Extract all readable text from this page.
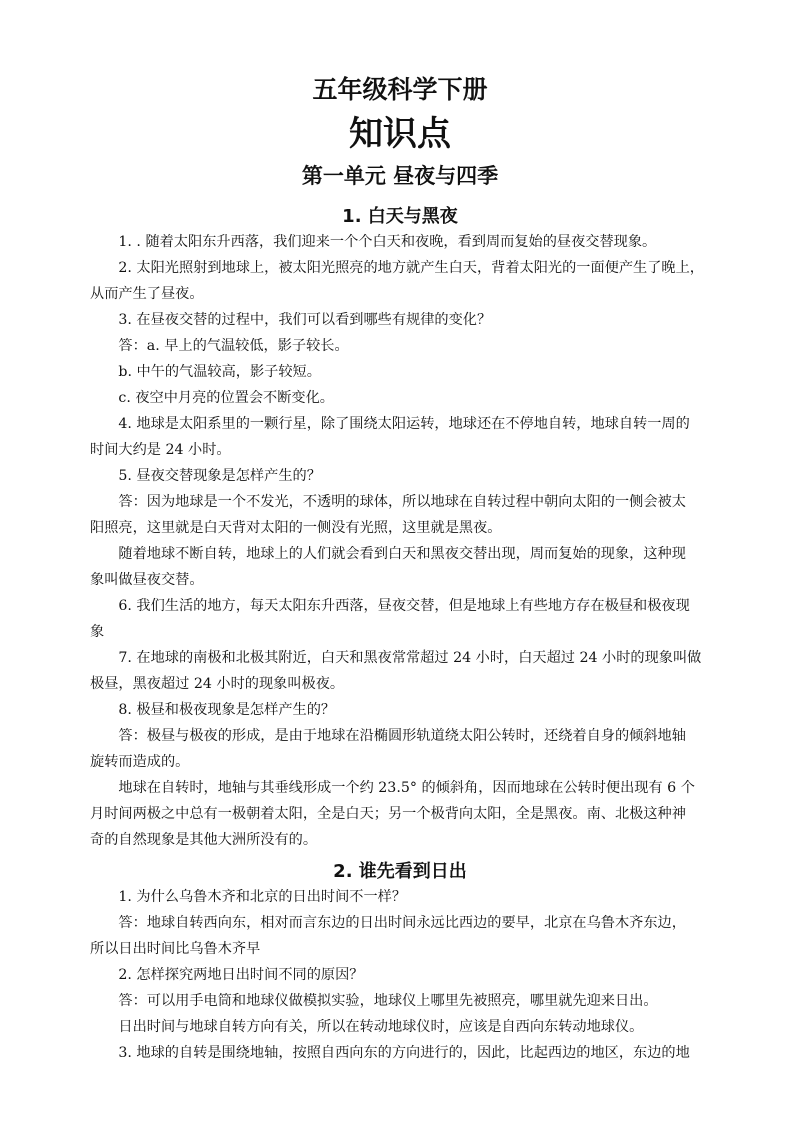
五年级科学下册
知识点
第一单元 昼夜与四季
1. 白天与黑夜

1. . 随着太阳东升西落，我们迎来一个个白天和夜晚，看到周而复始的昼夜交替现象。

2. 太阳光照射到地球上，被太阳光照亮的地方就产生白天，背着太阳光的一面便产生了晚上，

从而产生了昼夜。

3. 在昼夜交替的过程中，我们可以看到哪些有规律的变化？

答：a. 早上的气温较低，影子较长。

b. 中午的气温较高，影子较短。

c. 夜空中月亮的位置会不断变化。

4. 地球是太阳系里的一颗行星，除了围绕太阳运转，地球还在不停地自转，地球自转一周的

时间大约是 24 小时。

5. 昼夜交替现象是怎样产生的？

答：因为地球是一个不发光，不透明的球体，所以地球在自转过程中朝向太阳的一侧会被太

阳照亮，这里就是白天背对太阳的一侧没有光照，这里就是黑夜。

随着地球不断自转，地球上的人们就会看到白天和黑夜交替出现，周而复始的现象，这种现

象叫做昼夜交替。

6. 我们生活的地方，每天太阳东升西落，昼夜交替，但是地球上有些地方存在极昼和极夜现

象

7. 在地球的南极和北极其附近，白天和黑夜常常超过 24 小时，白天超过 24 小时的现象叫做

极昼，黑夜超过 24 小时的现象叫极夜。

8. 极昼和极夜现象是怎样产生的？

答：极昼与极夜的形成，是由于地球在沿椭圆形轨道绕太阳公转时，还绕着自身的倾斜地轴

旋转而造成的。

地球在自转时，地轴与其垂线形成一个约 23.5° 的倾斜角，因而地球在公转时便出现有 6 个

月时间两极之中总有一极朝着太阳，全是白天；另一个极背向太阳，全是黑夜。南、北极这种神

奇的自然现象是其他大洲所没有的。

2. 谁先看到日出

1. 为什么乌鲁木齐和北京的日出时间不一样？

答：地球自转西向东，相对而言东边的日出时间永远比西边的要早，北京在乌鲁木齐东边，

所以日出时间比乌鲁木齐早

2. 怎样探究两地日出时间不同的原因？

答：可以用手电筒和地球仪做模拟实验，地球仪上哪里先被照亮，哪里就先迎来日出。

日出时间与地球自转方向有关，所以在转动地球仪时，应该是自西向东转动地球仪。

3. 地球的自转是围绕地轴，按照自西向东的方向进行的，因此，比起西边的地区，东边的地
